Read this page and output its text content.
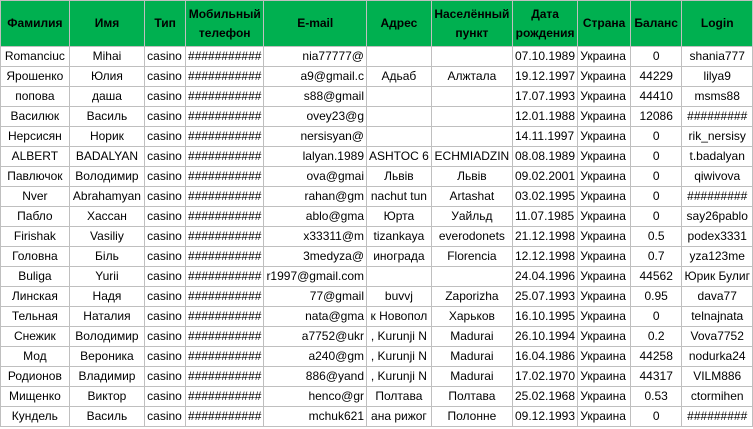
Фамилия	Имя	Тип	Мобильный телефон	E-mail	Адрес	Населённый пункт	Дата рождения	Страна	Баланс	Login
Romanciuc	Mihai	casino	###########	nia77777@			07.10.1989	Украина	0	shania777
Ярошенко	Юлия	casino	###########	a9@gmail.c	Адьаб	Алжтала	19.12.1997	Украина	44229	lilya9
попова	даша	casino	###########	s88@gmail			17.07.1993	Украина	44410	msms88
Василюк	Василь	casino	###########	ovey23@g			12.01.1988	Украина	12086	#########
Нерсисян	Норик	casino	###########	nersisyan@			14.11.1997	Украина	0	rik_nersisy
ALBERT	BADALYAN	casino	###########	lalyan.1989	ASHTOC 6	ECHMIADZIN	08.08.1989	Украина	0	t.badalyan
Павлючок	Володимир	casino	###########	ova@gmai	Львів	Львів	09.02.2001	Украина	0	qiwivova
Nver	Abrahamyan	casino	###########	rahan@gm	nachut tun	Artashat	03.02.1995	Украина	0	#########
Пабло	Хассан	casino	###########	ablo@gma	Юрта	Уайльд	11.07.1985	Украина	0	say26pablo
Firishak	Vasiliy	casino	###########	x33311@m	tizankaya	everodonets	21.12.1998	Украина	0.5	podex3331
Головна	Біль	casino	###########	3medyza@	инограда	Florencia	12.12.1998	Украина	0.7	yza123me
Buliga	Yurii	casino	###########	r1997@gmail.com			24.04.1996	Украина	44562	Юрик Булиг
Линская	Надя	casino	###########	77@gmail	buvvj	Zaporizha	25.07.1993	Украина	0.95	dava77
Тельная	Наталия	casino	###########	nata@gma	к Новопол	Харьков	16.10.1995	Украина	0	telnajnata
Снежик	Володимир	casino	###########	a7752@ukr	, Kurunji N	Madurai	26.10.1994	Украина	0.2	Vova7752
Мод	Вероника	casino	###########	a240@gm	, Kurunji N	Madurai	16.04.1986	Украина	44258	nodurka24
Родионов	Владимир	casino	###########	886@yand	, Kurunji N	Madurai	17.02.1970	Украина	44317	VILM886
Мищенко	Виктор	casino	###########	henco@gr	Полтава	Полтава	25.02.1968	Украина	0.53	ctormihen
Кундель	Василь	casino	###########	mchuk621	ана рижог	Полонне	09.12.1993	Украина	0	#########
